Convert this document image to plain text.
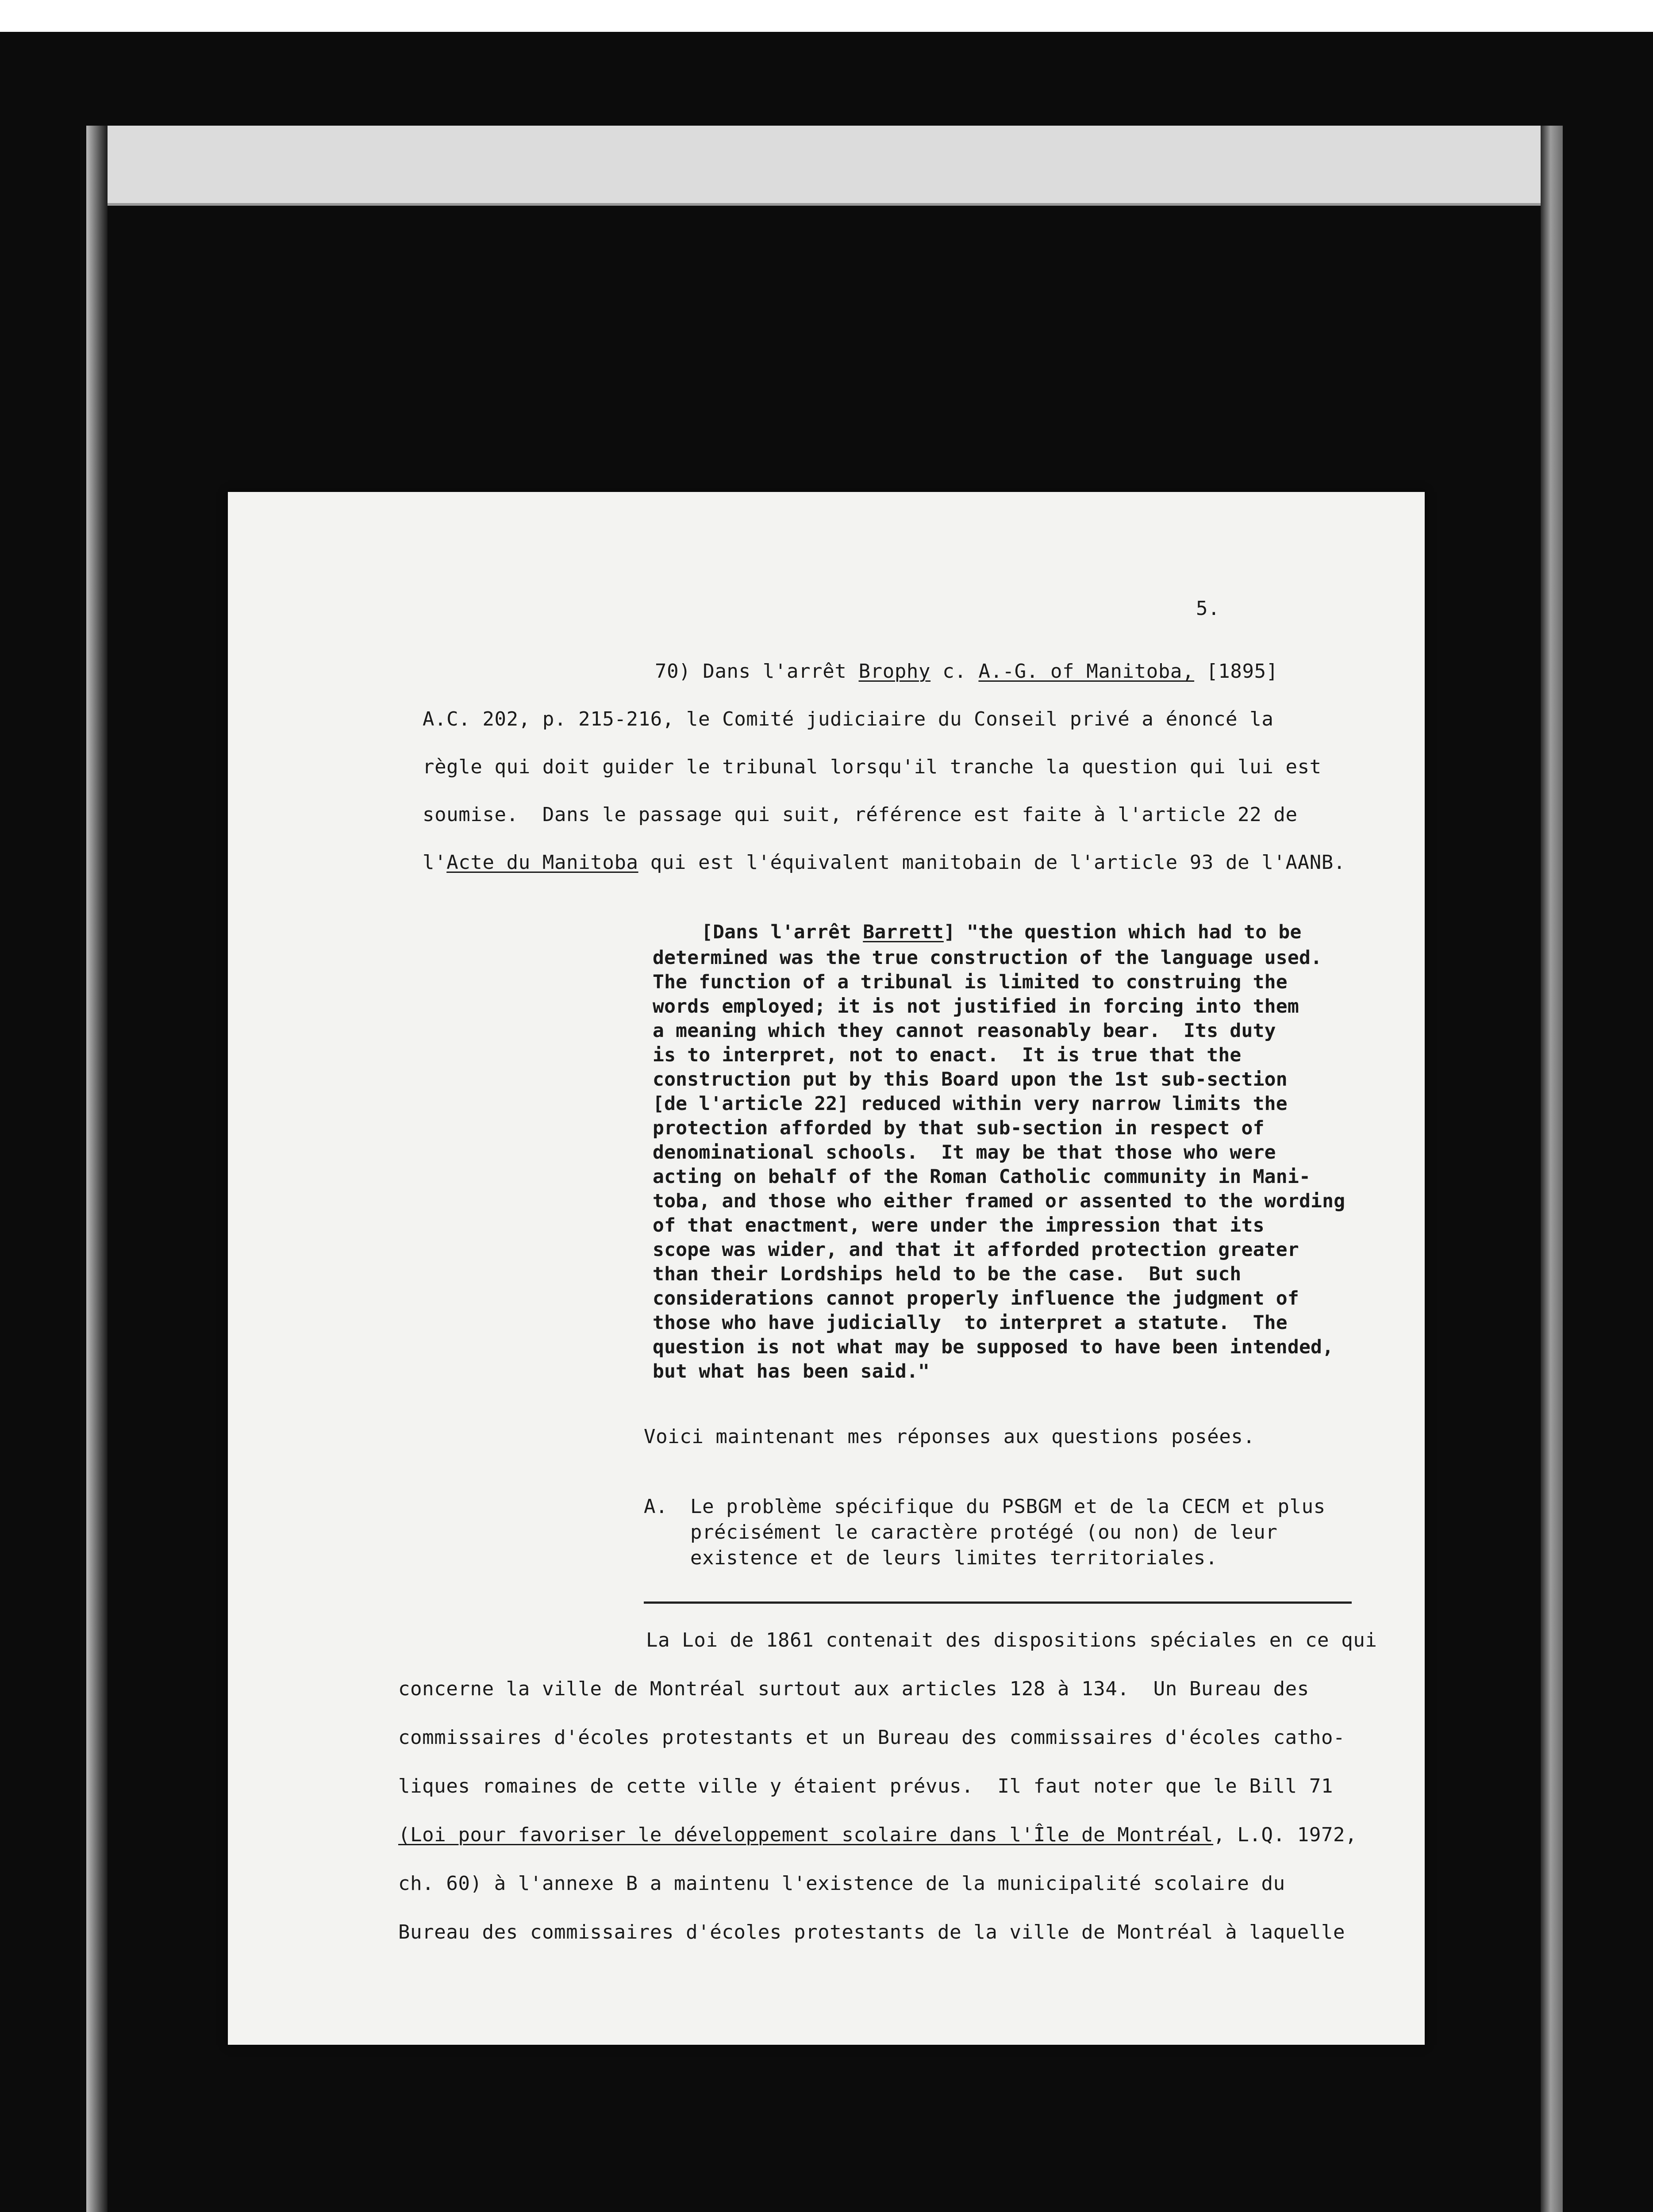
5.

70) Dans l'arrêt Brophy c. A.-G. of Manitoba, [1895]

A.C. 202, p. 215-216, le Comité judiciaire du Conseil privé a énoncé la

règle qui doit guider le tribunal lorsqu'il tranche la question qui lui est

soumise.  Dans le passage qui suit, référence est faite à l'article 22 de

l'Acte du Manitoba qui est l'équivalent manitobain de l'article 93 de l'AANB.

[Dans l'arrêt Barrett] "the question which had to be

determined was the true construction of the language used.

The function of a tribunal is limited to construing the

words employed; it is not justified in forcing into them

a meaning which they cannot reasonably bear.  Its duty

is to interpret, not to enact.  It is true that the

construction put by this Board upon the 1st sub-section

[de l'article 22] reduced within very narrow limits the

protection afforded by that sub-section in respect of

denominational schools.  It may be that those who were

acting on behalf of the Roman Catholic community in Mani-

toba, and those who either framed or assented to the wording

of that enactment, were under the impression that its

scope was wider, and that it afforded protection greater

than their Lordships held to be the case.  But such

considerations cannot properly influence the judgment of

those who have judicially  to interpret a statute.  The

question is not what may be supposed to have been intended,

but what has been said."

Voici maintenant mes réponses aux questions posées.

A. Le problème spécifique du PSBGM et de la CECM et plus

précisément le caractère protégé (ou non) de leur

existence et de leurs limites territoriales.

La Loi de 1861 contenait des dispositions spéciales en ce qui

concerne la ville de Montréal surtout aux articles 128 à 134.  Un Bureau des

commissaires d'écoles protestants et un Bureau des commissaires d'écoles catho-

liques romaines de cette ville y étaient prévus.  Il faut noter que le Bill 71

(Loi pour favoriser le développement scolaire dans l'Île de Montréal, L.Q. 1972,

ch. 60) à l'annexe B a maintenu l'existence de la municipalité scolaire du

Bureau des commissaires d'écoles protestants de la ville de Montréal à laquelle
